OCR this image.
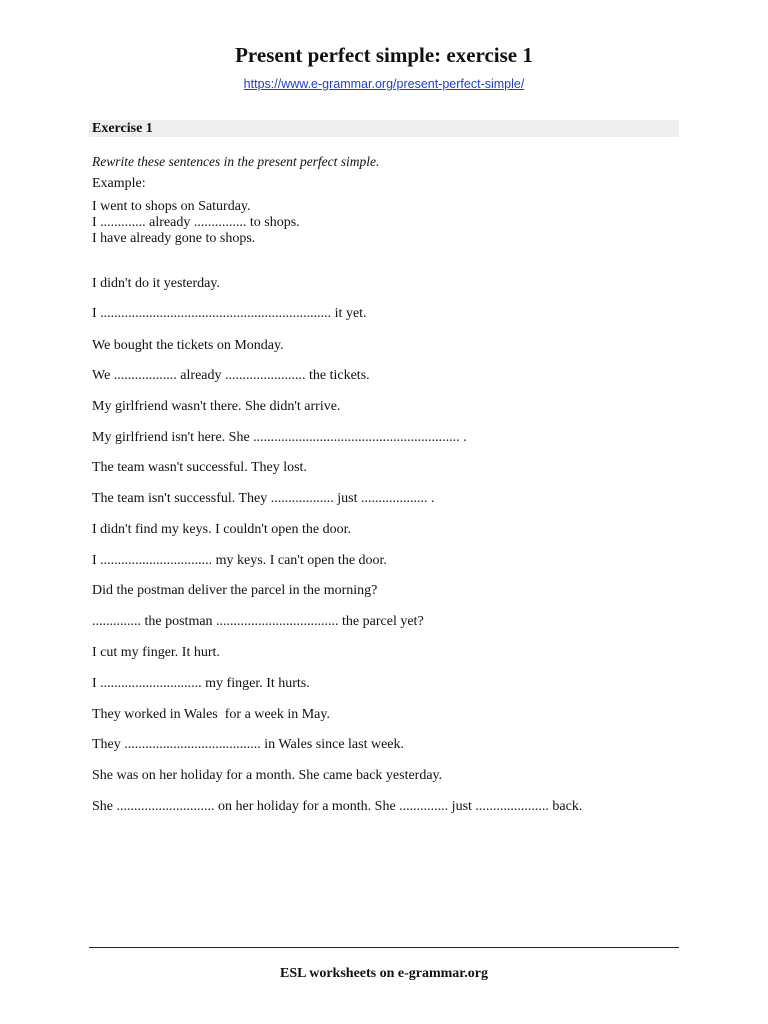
Present perfect simple: exercise 1
https://www.e-grammar.org/present-perfect-simple/
Exercise 1
Rewrite these sentences in the present perfect simple.
Example:
I went to shops on Saturday.
I ............. already ............... to shops.
I have already gone to shops.
I didn't do it yesterday.
I .................................................................. it yet.
We bought the tickets on Monday.
We .................. already ....................... the tickets.
My girlfriend wasn't there. She didn't arrive.
My girlfriend isn't here. She ........................................................... .
The team wasn't successful. They lost.
The team isn't successful. They .................. just ................... .
I didn't find my keys. I couldn't open the door.
I ................................ my keys. I can't open the door.
Did the postman deliver the parcel in the morning?
.............. the postman ................................... the parcel yet?
I cut my finger. It hurt.
I ............................. my finger. It hurts.
They worked in Wales  for a week in May.
They ....................................... in Wales since last week.
She was on her holiday for a month. She came back yesterday.
She ............................ on her holiday for a month. She .............. just ..................... back.
ESL worksheets on e-grammar.org
